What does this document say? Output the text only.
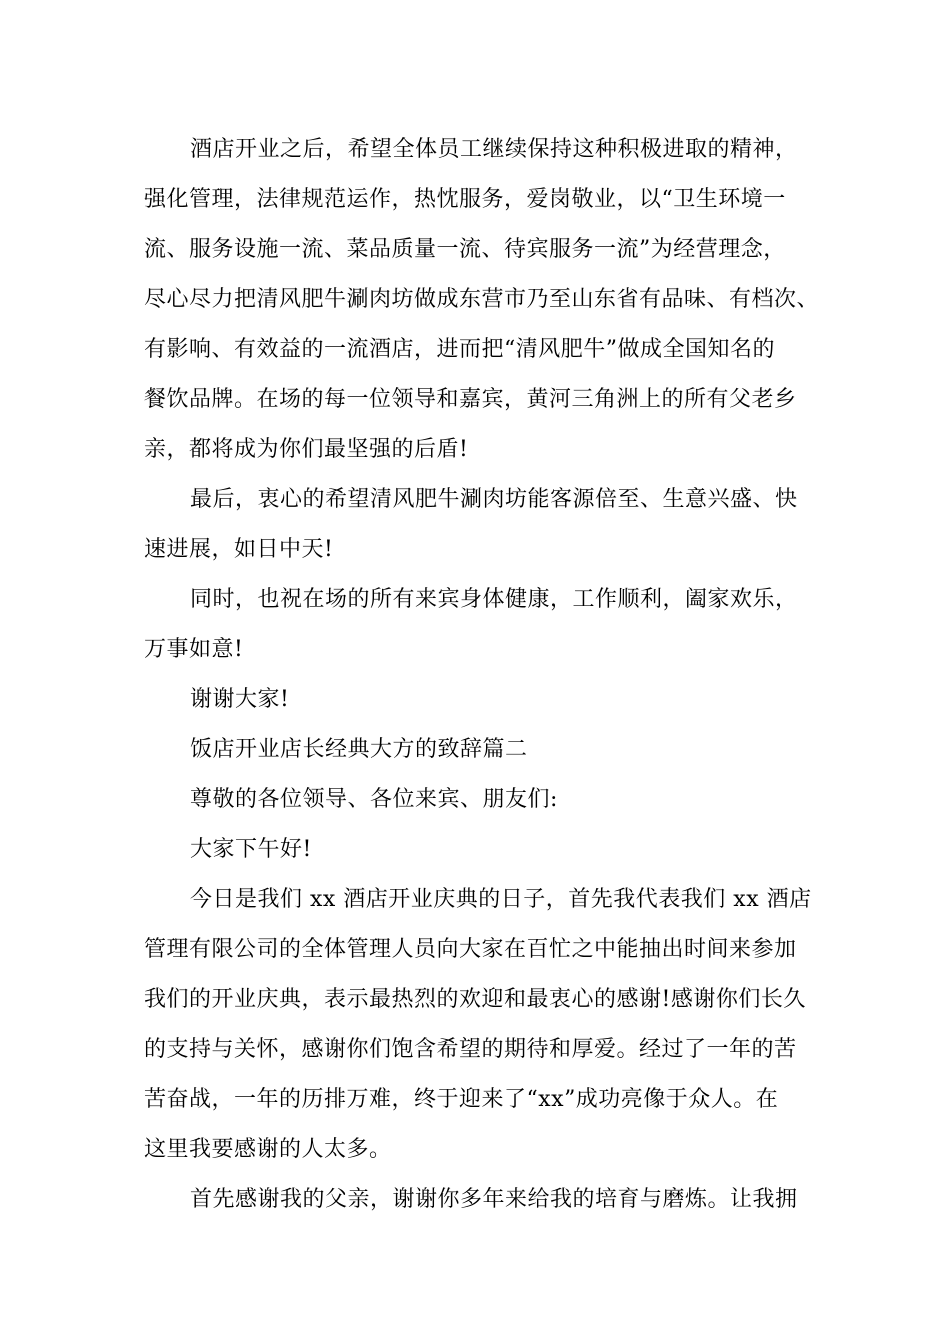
酒店开业之后，希望全体员工继续保持这种积极进取的精神，
强化管理，法律规范运作，热忱服务，爱岗敬业，以“卫生环境一
流、服务设施一流、菜品质量一流、待宾服务一流”为经营理念，
尽心尽力把清风肥牛涮肉坊做成东营市乃至山东省有品味、有档次、
有影响、有效益的一流酒店，进而把“清风肥牛”做成全国知名的
餐饮品牌。在场的每一位领导和嘉宾，黄河三角洲上的所有父老乡
亲，都将成为你们最坚强的后盾!
最后，衷心的希望清风肥牛涮肉坊能客源倍至、生意兴盛、快
速进展，如日中天!
同时，也祝在场的所有来宾身体健康，工作顺利，阖家欢乐，
万事如意!
谢谢大家!
饭店开业店长经典大方的致辞篇二
尊敬的各位领导、各位来宾、朋友们:
大家下午好!
今日是我们 xx 酒店开业庆典的日子，首先我代表我们 xx 酒店
管理有限公司的全体管理人员向大家在百忙之中能抽出时间来参加
我们的开业庆典，表示最热烈的欢迎和最衷心的感谢!感谢你们长久
的支持与关怀，感谢你们饱含希望的期待和厚爱。经过了一年的苦
苦奋战，一年的历排万难，终于迎来了“xx”成功亮像于众人。在
这里我要感谢的人太多。
首先感谢我的父亲，谢谢你多年来给我的培育与磨炼。让我拥
